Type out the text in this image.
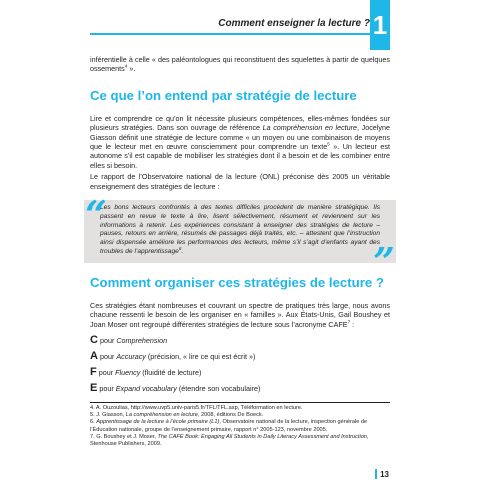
Comment enseigner la lecture ? 1

inférentielle à celle « des paléontologues qui reconstituent des squelettes à partir de quelques ossements$^4$ ».

Ce que l’on entend par stratégie de lecture

Lire et comprendre ce qu’on lit nécessite plusieurs compétences, elles-mêmes fondées sur plusieurs stratégies. Dans son ouvrage de référence La compréhension en lecture, Jocelyne Giasson définit une stratégie de lecture comme « un moyen ou une combinaison de moyens que le lecteur met en œuvre consciemment pour comprendre un texte$^5$ ». Un lecteur est autonome s’il est capable de mobiliser les stratégies dont il a besoin et de les combiner entre elles si besoin.

Le rapport de l’Observatoire national de la lecture (ONL) préconise dès 2005 un véritable enseignement des stratégies de lecture :

“
Les bons lecteurs confrontés à des textes difficiles procèdent de manière stratégique. Ils passent en revue le texte à lire, lisent sélectivement, résument et reviennent sur les informations à retenir. Les expériences consistant à enseigner des stratégies de lecture – pauses, retours en arrière, résumés de passages déjà traités, etc. – attestent que l’instruction ainsi dispensée améliore les performances des lecteurs, même s’il s’agit d’enfants ayant des troubles de l’apprentissage$^6$.	”
Comment organiser ces stratégies de lecture ?

Ces stratégies étant nombreuses et couvrant un spectre de pratiques très large, nous avons chacune ressenti le besoin de les organiser en « familles ». Aux États-Unis, Gail Boushey et Joan Moser ont regroupé différentes stratégies de lecture sous l’acronyme CAFE$^7$ :

C pour Comprehension
A pour Accuracy (précision, « lire ce qui est écrit »)
F pour Fluency (fluidité de lecture)
E pour Expand vocabulary (étendre son vocabulaire)

4. A. Ouzoulias, http://www.uvp5.univ-paris5.fr/TFL/TFL.asp, Téléformation en lecture.

5. J. Giasson, La compréhension en lecture, 2008, éditions De Boeck.

6. Apprentissage de la lecture à l’école primaire (L1), Observatoire national de la lecture, inspection générale de l’Éducation nationale, groupe de l’enseignement primaire, rapport n° 2005-123, novembre 2005.

7. G. Boushey et J. Moser, The CAFE Book: Engaging All Students in Daily Literacy Assessment and Instruction, Stenhouse Publishers, 2009.

13
